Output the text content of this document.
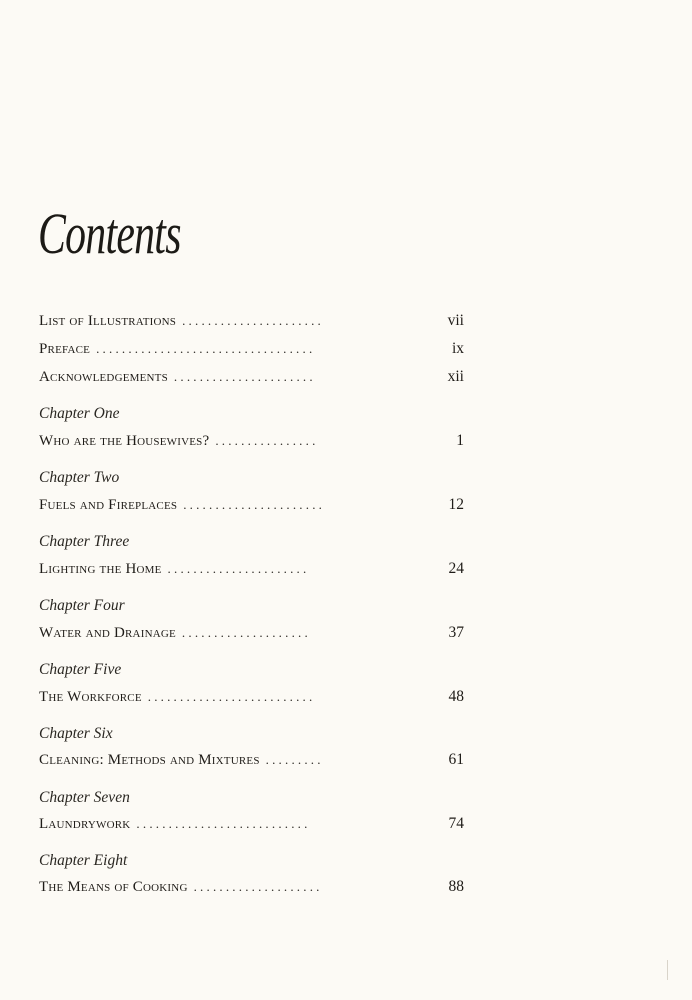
Contents
List of Illustrations ......................	vii
Preface ..................................	ix
Acknowledgements ......................	xii
Chapter One
Who are the Housewives? ................	1
Chapter Two
Fuels and Fireplaces ......................	12
Chapter Three
Lighting the Home ......................	24
Chapter Four
Water and Drainage ....................	37
Chapter Five
The Workforce ..........................	48
Chapter Six
Cleaning: Methods and Mixtures .........	61
Chapter Seven
Laundrywork ...........................	74
Chapter Eight
The Means of Cooking ....................	88
